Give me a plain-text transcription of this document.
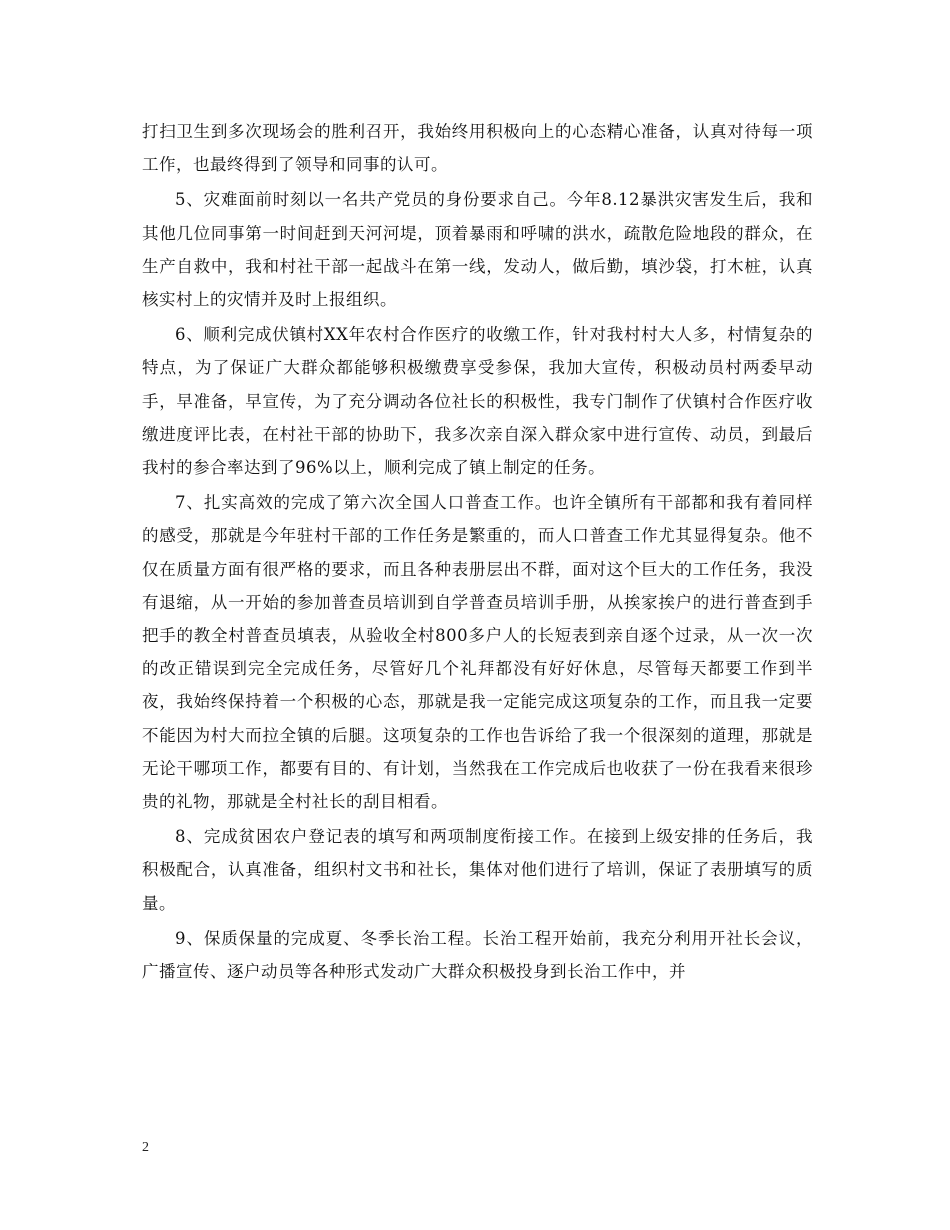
打扫卫生到多次现场会的胜利召开，我始终用积极向上的心态精心准备，认真对待每一项工作，也最终得到了领导和同事的认可。

5、灾难面前时刻以一名共产党员的身份要求自己。今年8.12暴洪灾害发生后，我和其他几位同事第一时间赶到天河河堤，顶着暴雨和呼啸的洪水，疏散危险地段的群众，在生产自救中，我和村社干部一起战斗在第一线，发动人，做后勤，填沙袋，打木桩，认真核实村上的灾情并及时上报组织。

6、顺利完成伏镇村XX年农村合作医疗的收缴工作，针对我村村大人多，村情复杂的特点，为了保证广大群众都能够积极缴费享受参保，我加大宣传，积极动员村两委早动手，早准备，早宣传，为了充分调动各位社长的积极性，我专门制作了伏镇村合作医疗收缴进度评比表，在村社干部的协助下，我多次亲自深入群众家中进行宣传、动员，到最后我村的参合率达到了96%以上，顺利完成了镇上制定的任务。

7、扎实高效的完成了第六次全国人口普查工作。也许全镇所有干部都和我有着同样的感受，那就是今年驻村干部的工作任务是繁重的，而人口普查工作尤其显得复杂。他不仅在质量方面有很严格的要求，而且各种表册层出不群，面对这个巨大的工作任务，我没有退缩，从一开始的参加普查员培训到自学普查员培训手册，从挨家挨户的进行普查到手把手的教全村普查员填表，从验收全村800多户人的长短表到亲自逐个过录，从一次一次的改正错误到完全完成任务，尽管好几个礼拜都没有好好休息，尽管每天都要工作到半夜，我始终保持着一个积极的心态，那就是我一定能完成这项复杂的工作，而且我一定要不能因为村大而拉全镇的后腿。这项复杂的工作也告诉给了我一个很深刻的道理，那就是无论干哪项工作，都要有目的、有计划，当然我在工作完成后也收获了一份在我看来很珍贵的礼物，那就是全村社长的刮目相看。

8、完成贫困农户登记表的填写和两项制度衔接工作。在接到上级安排的任务后，我积极配合，认真准备，组织村文书和社长，集体对他们进行了培训，保证了表册填写的质量。

9、保质保量的完成夏、冬季长治工程。长治工程开始前，我充分利用开社长会议，广播宣传、逐户动员等各种形式发动广大群众积极投身到长治工作中，并

2
